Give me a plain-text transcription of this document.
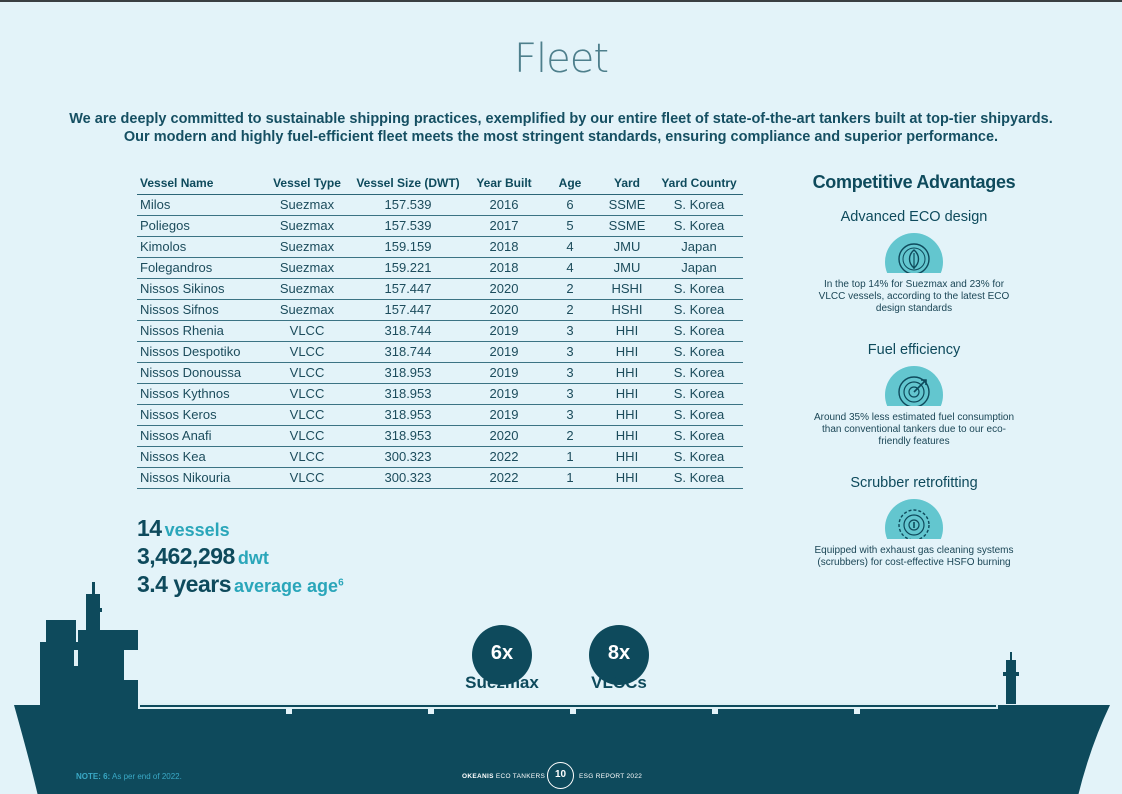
Fleet
We are deeply committed to sustainable shipping practices, exemplified by our entire fleet of state-of-the-art tankers built at top-tier shipyards.
Our modern and highly fuel-efficient fleet meets the most stringent standards, ensuring compliance and superior performance.
Vessel Name	Vessel Type	Vessel Size (DWT)	Year Built	Age	Yard	Yard Country
Milos	Suezmax	157.539	2016	6	SSME	S. Korea
Poliegos	Suezmax	157.539	2017	5	SSME	S. Korea
Kimolos	Suezmax	159.159	2018	4	JMU	Japan
Folegandros	Suezmax	159.221	2018	4	JMU	Japan
Nissos Sikinos	Suezmax	157.447	2020	2	HSHI	S. Korea
Nissos Sifnos	Suezmax	157.447	2020	2	HSHI	S. Korea
Nissos Rhenia	VLCC	318.744	2019	3	HHI	S. Korea
Nissos Despotiko	VLCC	318.744	2019	3	HHI	S. Korea
Nissos Donoussa	VLCC	318.953	2019	3	HHI	S. Korea
Nissos Kythnos	VLCC	318.953	2019	3	HHI	S. Korea
Nissos Keros	VLCC	318.953	2019	3	HHI	S. Korea
Nissos Anafi	VLCC	318.953	2020	2	HHI	S. Korea
Nissos Kea	VLCC	300.323	2022	1	HHI	S. Korea
Nissos Nikouria	VLCC	300.323	2022	1	HHI	S. Korea
14 vessels
3,462,298 dwt
3.4 years average age$^6$
Competitive Advantages
Advanced ECO design
In the top 14% for Suezmax and 23% for VLCC vessels, according to the latest ECO design standards
Fuel efficiency
Around 35% less estimated fuel consumption than conventional tankers due to our eco-friendly features
Scrubber retrofitting
Equipped with exhaust gas cleaning systems (scrubbers) for cost-effective HSFO burning
6x
Suezmax
8x
VLCCs
NOTE: 6: As per end of 2022.	OKEANIS ECO TANKERS 10	ESG REPORT 2022
